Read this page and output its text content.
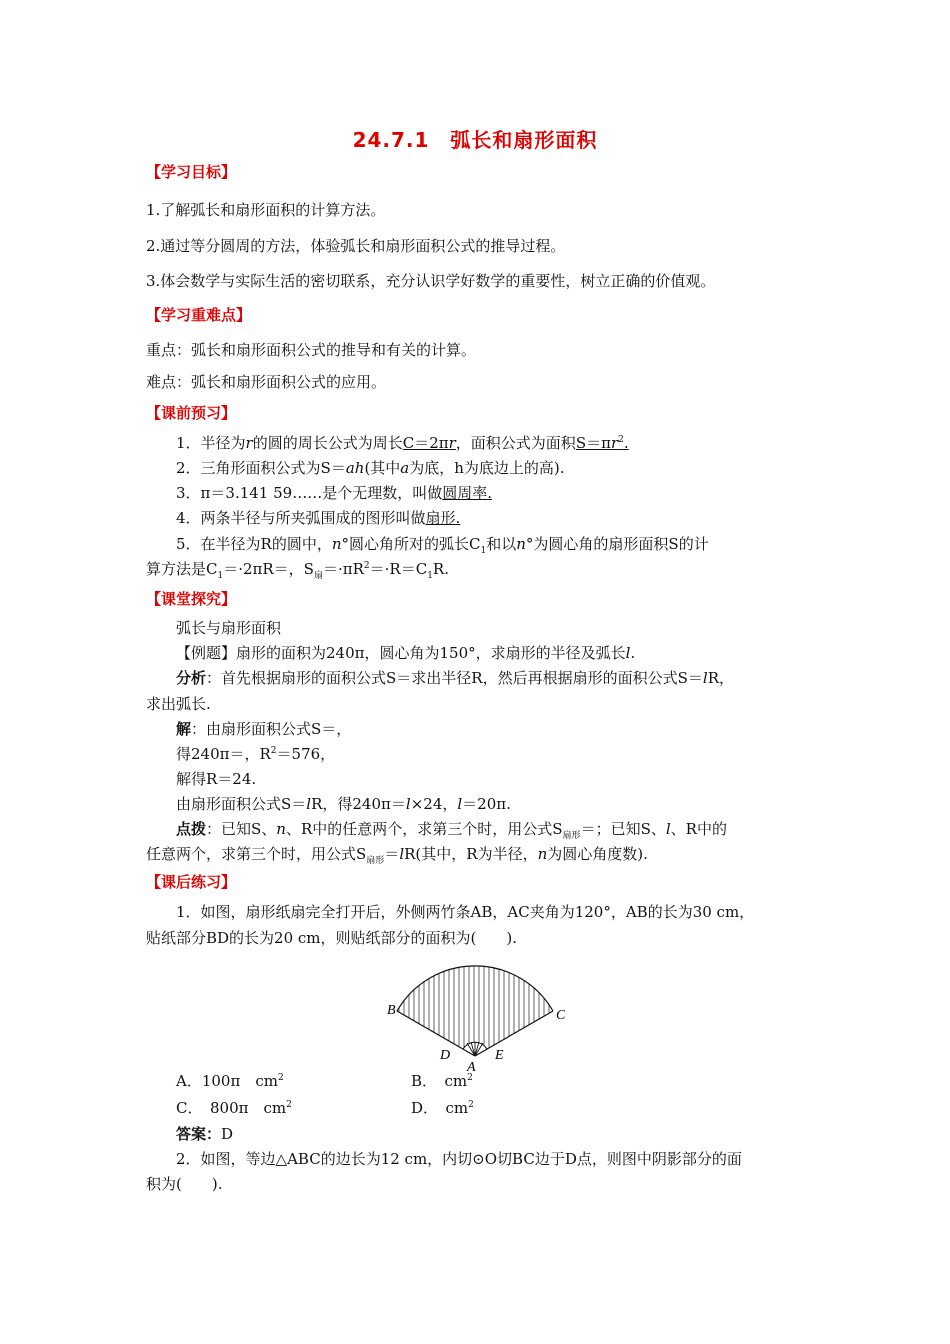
24.7.1　弧长和扇形面积
【学习目标】
1.了解弧长和扇形面积的计算方法。
2.通过等分圆周的方法，体验弧长和扇形面积公式的推导过程。
3.体会数学与实际生活的密切联系，充分认识学好数学的重要性，树立正确的价值观。
【学习重难点】
重点：弧长和扇形面积公式的推导和有关的计算。
难点：弧长和扇形面积公式的应用。
【课前预习】
1．半径为r的圆的周长公式为周长C＝2πr，面积公式为面积$S=\pi r^2$.
2．三角形面积公式为S＝ah(其中a为底，h为底边上的高).
3．π＝3.141 59……是个无理数，叫做圆周率.
4．两条半径与所夹弧围成的图形叫做扇形.
5．在半径为R的圆中，n°圆心角所对的弧长$C_1$和以n°为圆心角的扇形面积S的计
算方法是$C_1=\cdot 2\pi R=$，$S_扇=\cdot\pi R^2=\cdot R=C_1R$.
【课堂探究】
弧长与扇形面积
【例题】扇形的面积为240π，圆心角为150°，求扇形的半径及弧长l.
分析：首先根据扇形的面积公式S＝求出半径R，然后再根据扇形的面积公式S＝lR，
求出弧长.
解：由扇形面积公式S＝，
得240π＝，$R^2=576$，
解得R＝24.
由扇形面积公式S＝lR，得240π＝l×24，l＝20π.
点拨：已知S、n、R中的任意两个，求第三个时，用公式$S_{扇形}=$；已知S、l、R中的
任意两个，求第三个时，用公式$S_{扇形}=lR$(其中，R为半径，n为圆心角度数).
【课后练习】
1．如图，扇形纸扇完全打开后，外侧两竹条AB，AC夹角为120°，AB的长为30 cm，
贴纸部分BD的长为20 cm，则贴纸部分的面积为(　　).
B	C
D
A
E
A．100π　$cm^2$	B．　$cm^2$
C．　800π　$cm^2$	D．　$cm^2$
答案：D
2．如图，等边△ABC的边长为12 cm，内切⊙O切BC边于D点，则图中阴影部分的面
积为(　　).
